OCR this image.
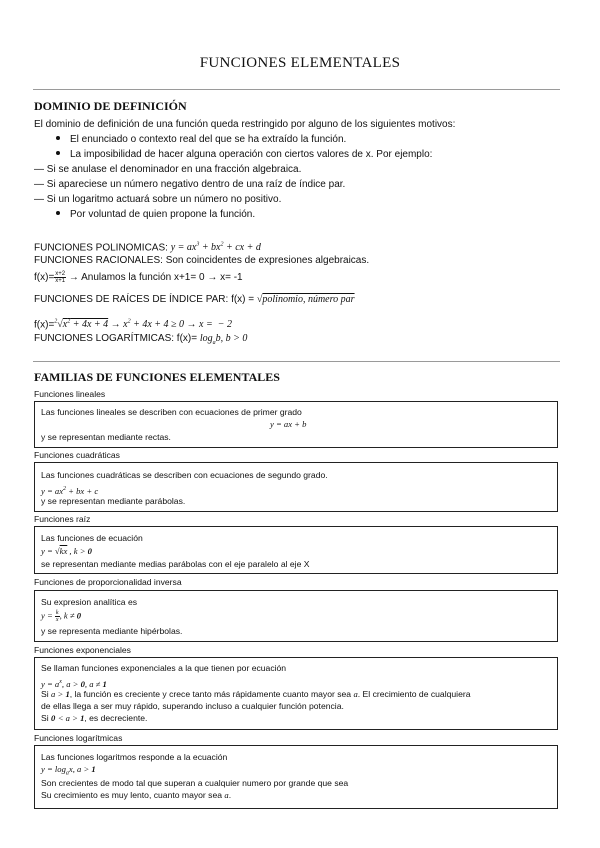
FUNCIONES ELEMENTALES
DOMINIO DE DEFINICIÓN
El dominio de definición de una función queda restringido por alguno de los siguientes motivos:
El enunciado o contexto real del que se ha extraído la función.
La imposibilidad de hacer alguna operación con ciertos valores de x. Por ejemplo:
— Si se anulase el denominador en una fracción algebraica.
— Si apareciese un número negativo dentro de una raíz de índice par.
— Si un logaritmo actuará sobre un número no positivo.
Por voluntad de quien propone la función.
FUNCIONES POLINOMICAS: $y = ax^3 + bx^2$ + cx + d
FUNCIONES RACIONALES: Son coincidentes de expresiones algebraicas.
$f(x)= \frac{x+2}{x+1}$ → Anulamos la función x+1= 0 → x= -1
FUNCIONES DE RAÍCES DE ÍNDICE PAR: f(x) = √polinomio, número par
$f(x)=^2√x^2 + 4x + 4 \to x^2 + 4x + 4 \ge 0 \to x$ =  − 2
FUNCIONES LOGARÍTMICAS: $f(x)= \log_ab$, b > 0
FAMILIAS DE FUNCIONES ELEMENTALES
Funciones lineales
Las funciones lineales se describen con ecuaciones de primer grado
y = ax + b
y se representan mediante rectas.
Funciones cuadráticas
Las funciones cuadráticas se describen con ecuaciones de segundo grado.
$y = ax^2$ + bx + c
y se representan mediante parábolas.
Funciones raíz
Las funciones de ecuación
y = √kx , k > 0
se representan mediante medias parábolas con el eje paralelo al eje X
Funciones de proporcionalidad inversa
Su expresion analítica es
$y = \frac{k}{x}$ , k ≠ 0
y se representa mediante hipérbolas.
Funciones exponenciales
Se llaman funciones exponenciales a la que tienen por ecuación
$y = a^x$, a > 0, a ≠ 1
Si a > 1, la función es creciente y crece tanto más rápidamente cuanto mayor sea a. El crecimiento de cualquiera
de ellas llega a ser muy rápido, superando incluso a cualquier función potencia.
Si 0 < a > 1, es decreciente.
Funciones logarítmicas
Las funciones logaritmos responde a la ecuación
$y = \log_ax$, a > 1
Son crecientes de modo tal que superan a cualquier numero por grande que sea
Su crecimiento es muy lento, cuanto mayor sea a.
